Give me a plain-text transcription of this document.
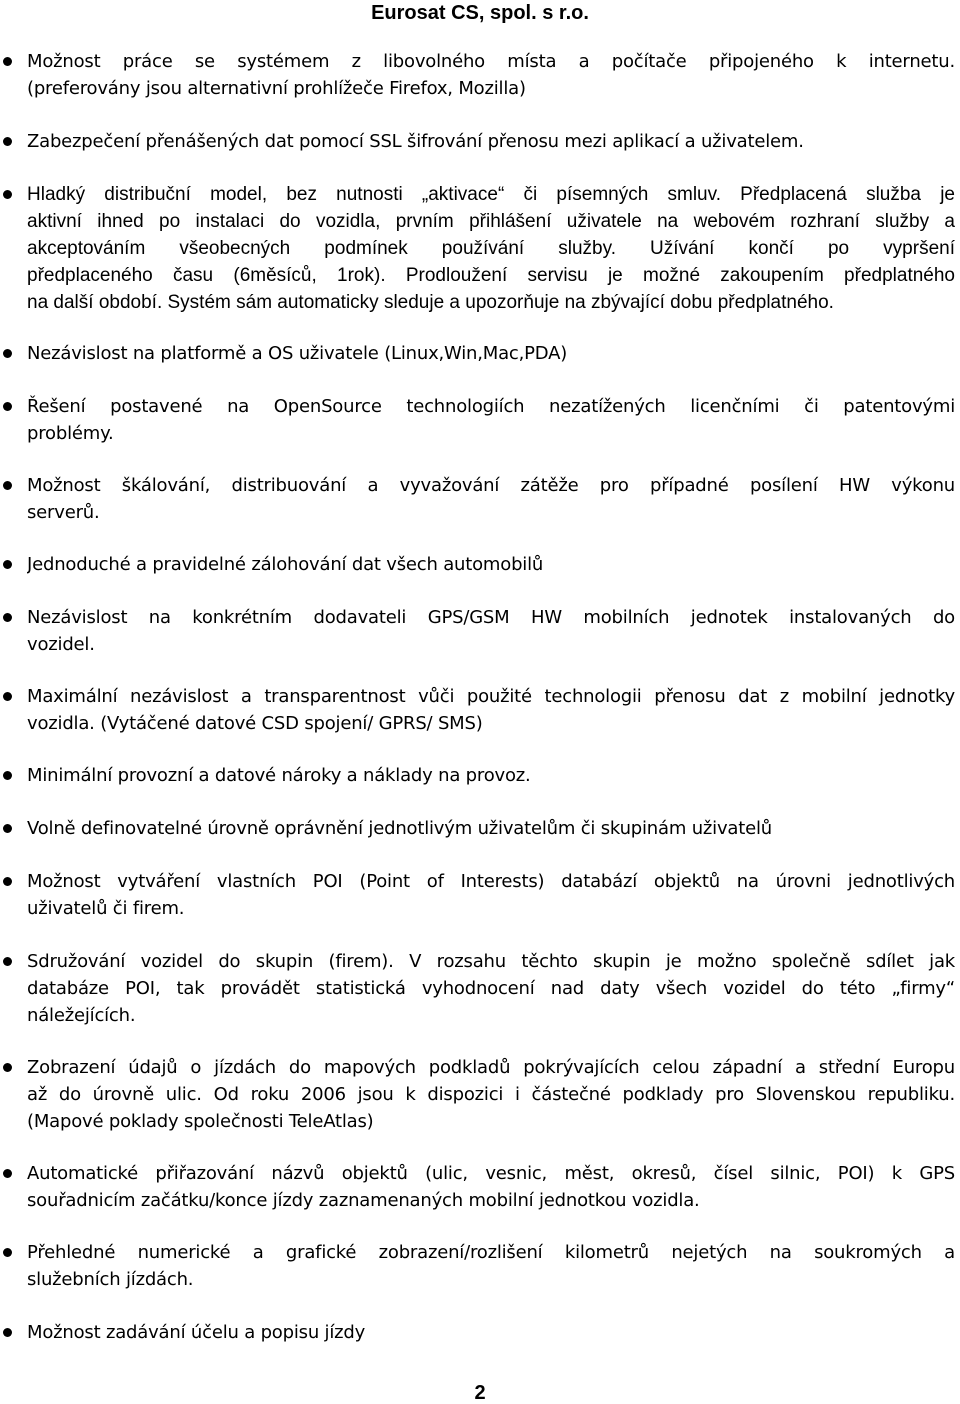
Eurosat CS, spol. s r.o.
Možnost práce se systémem z libovolného místa a počítače připojeného k internetu.
(preferovány jsou alternativní prohlížeče Firefox, Mozilla)
Zabezpečení přenášených dat pomocí SSL šifrování přenosu mezi aplikací a uživatelem.
Hladký distribuční model, bez nutnosti „aktivace“ či písemných smluv. Předplacená služba je
aktivní ihned po instalaci do vozidla, prvním přihlášení uživatele na webovém rozhraní služby a
akceptováním všeobecných podmínek používání služby. Užívání končí po vypršení
předplaceného času (6měsíců, 1rok). Prodloužení servisu je možné zakoupením předplatného
na další období. Systém sám automaticky sleduje a upozorňuje na zbývající dobu předplatného.
Nezávislost na platformě a OS uživatele (Linux,Win,Mac,PDA)
Řešení postavené na OpenSource technologiích nezatížených licenčními či patentovými
problémy.
Možnost škálování, distribuování a vyvažování zátěže pro případné posílení HW výkonu
serverů.
Jednoduché a pravidelné zálohování dat všech automobilů
Nezávislost na konkrétním dodavateli GPS/GSM HW mobilních jednotek instalovaných do
vozidel.
Maximální nezávislost a transparentnost vůči použité technologii přenosu dat z mobilní jednotky
vozidla. (Vytáčené datové CSD spojení/ GPRS/ SMS)
Minimální provozní a datové nároky a náklady na provoz.
Volně definovatelné úrovně oprávnění jednotlivým uživatelům či skupinám uživatelů
Možnost vytváření vlastních POI (Point of Interests) databází objektů na úrovni jednotlivých
uživatelů či firem.
Sdružování vozidel do skupin (firem). V rozsahu těchto skupin je možno společně sdílet jak
databáze POI, tak provádět statistická vyhodnocení nad daty všech vozidel do této „firmy“
náležejících.
Zobrazení údajů o jízdách do mapových podkladů pokrývajících celou západní a střední Europu
až do úrovně ulic. Od roku 2006 jsou k dispozici i částečné podklady pro Slovenskou republiku.
(Mapové poklady společnosti TeleAtlas)
Automatické přiřazování názvů objektů (ulic, vesnic, měst, okresů, čísel silnic, POI) k GPS
souřadnicím začátku/konce jízdy zaznamenaných mobilní jednotkou vozidla.
Přehledné numerické a grafické zobrazení/rozlišení kilometrů nejetých na soukromých a
služebních jízdách.
Možnost zadávání účelu a popisu jízdy
2
